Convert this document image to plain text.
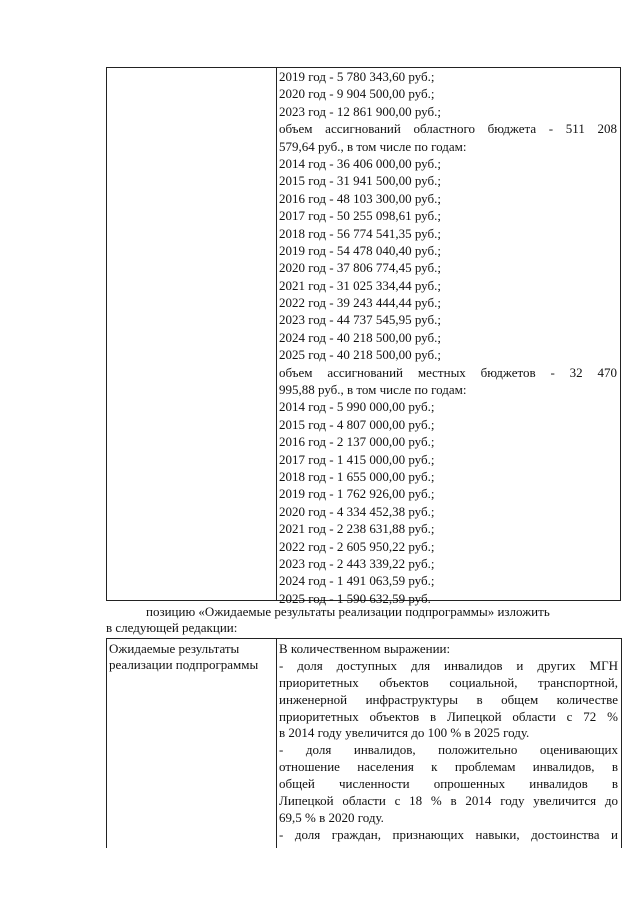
2019 год - 5 780 343,60 руб.;
2020 год - 9 904 500,00 руб.;
2023 год - 12 861 900,00 руб.;
объем ассигнований областного бюджета - 511 208
579,64 руб., в том числе по годам:
2014 год - 36 406 000,00 руб.;
2015 год - 31 941 500,00 руб.;
2016 год - 48 103 300,00 руб.;
2017 год - 50 255 098,61 руб.;
2018 год - 56 774 541,35 руб.;
2019 год - 54 478 040,40 руб.;
2020 год - 37 806 774,45 руб.;
2021 год - 31 025 334,44 руб.;
2022 год - 39 243 444,44 руб.;
2023 год - 44 737 545,95 руб.;
2024 год - 40 218 500,00 руб.;
2025 год - 40 218 500,00 руб.;
объем ассигнований местных бюджетов - 32 470
995,88 руб., в том числе по годам:
2014 год - 5 990 000,00 руб.;
2015 год - 4 807 000,00 руб.;
2016 год - 2 137 000,00 руб.;
2017 год - 1 415 000,00 руб.;
2018 год - 1 655 000,00 руб.;
2019 год - 1 762 926,00 руб.;
2020 год - 4 334 452,38 руб.;
2021 год - 2 238 631,88 руб.;
2022 год - 2 605 950,22 руб.;
2023 год - 2 443 339,22 руб.;
2024 год - 1 491 063,59 руб.;
2025 год - 1 590 632,59 руб.
позицию «Ожидаемые результаты реализации подпрограммы» изложить
в следующей редакции:
Ожидаемые результаты реализации подпрограммы
В количественном выражении:
- доля доступных для инвалидов и других МГН
приоритетных объектов социальной, транспортной,
инженерной инфраструктуры в общем количестве
приоритетных объектов в Липецкой области с 72 %
в 2014 году увеличится до 100 % в 2025 году.
- доля инвалидов, положительно оценивающих
отношение населения к проблемам инвалидов, в
общей численности опрошенных инвалидов в
Липецкой области с 18 % в 2014 году увеличится до
69,5 % в 2020 году.
- доля граждан, признающих навыки, достоинства и
